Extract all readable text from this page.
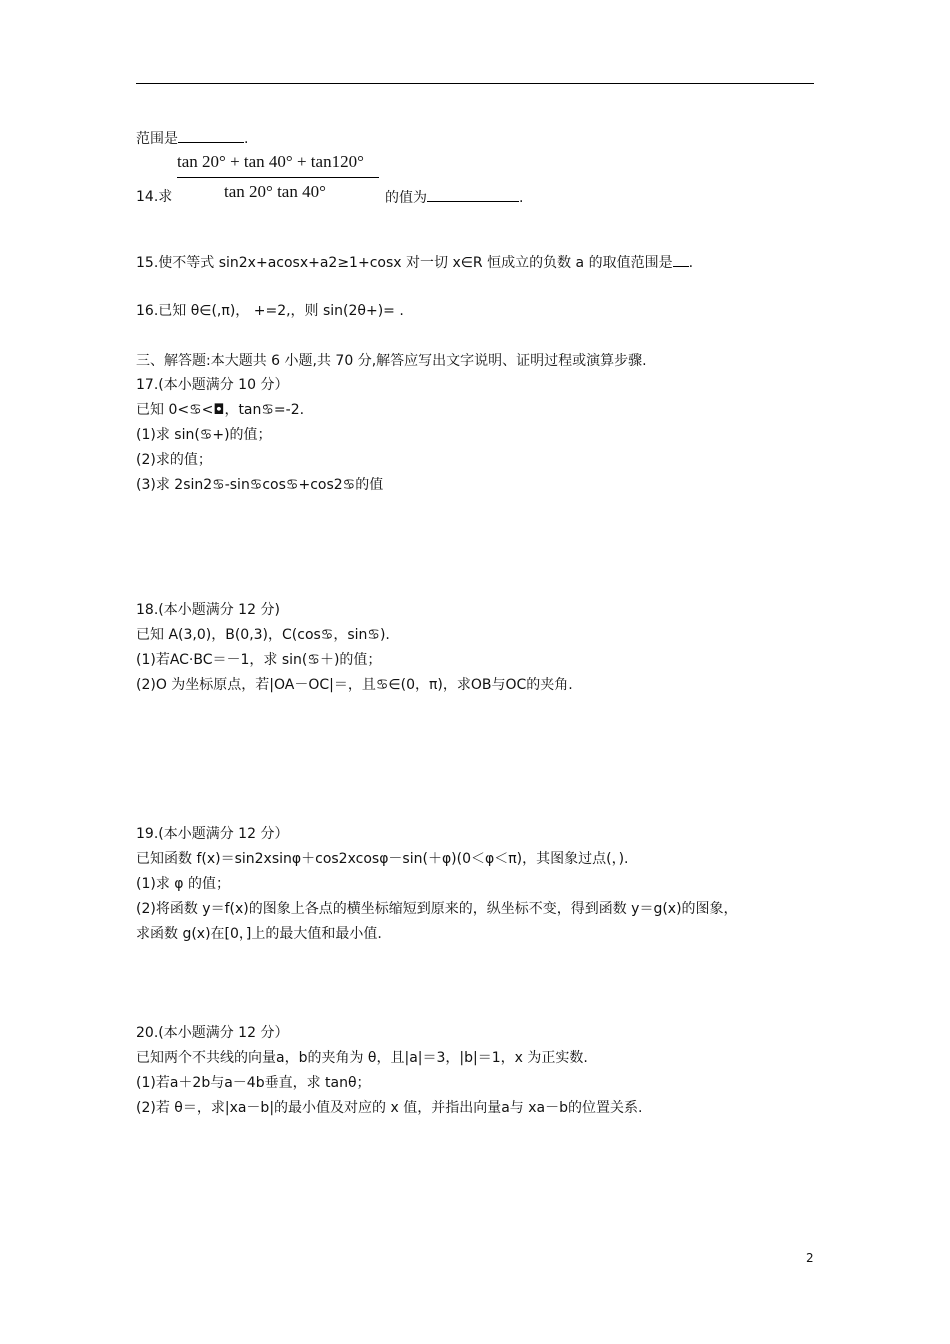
范围是	.
tan 20° + tan 40° + tan120°
tan 20° tan 40°
14.求	的值为	.
15.使不等式 sin2x+acosx+a2≥1+cosx 对一切 x∈R 恒成立的负数 a 的取值范围是 .
16.已知 θ∈(,π)， +=2,，则 sin(2θ+)= .
三、解答题:本大题共 6 小题,共 70 分,解答应写出文字说明、证明过程或演算步骤.
17.(本小题满分 10 分）
已知 0<♋<◘，tan♋=-2.
(1)求 sin(♋+)的值；
(2)求的值；
(3)求 2sin2♋-sin♋cos♋+cos2♋的值
18.(本小题满分 12 分)
已知 A(3,0)，B(0,3)，C(cos♋，sin♋).
(1)若AC·BC＝－1，求 sin(♋＋)的值；
(2)O 为坐标原点，若|OA－OC|＝，且♋∈(0，π)，求OB与OC的夹角.
19.(本小题满分 12 分）
已知函数 f(x)＝sin2xsinφ＋cos2xcosφ－sin(＋φ)(0＜φ＜π)，其图象过点(，).
(1)求 φ 的值；
(2)将函数 y＝f(x)的图象上各点的横坐标缩短到原来的，纵坐标不变，得到函数 y＝g(x)的图象，
求函数 g(x)在[0，]上的最大值和最小值.
20.(本小题满分 12 分）
已知两个不共线的向量a，b的夹角为 θ，且|a|＝3，|b|＝1，x 为正实数.
(1)若a＋2b与a－4b垂直，求 tanθ；
(2)若 θ＝，求|xa－b|的最小值及对应的 x 值，并指出向量a与 xa－b的位置关系.
2
